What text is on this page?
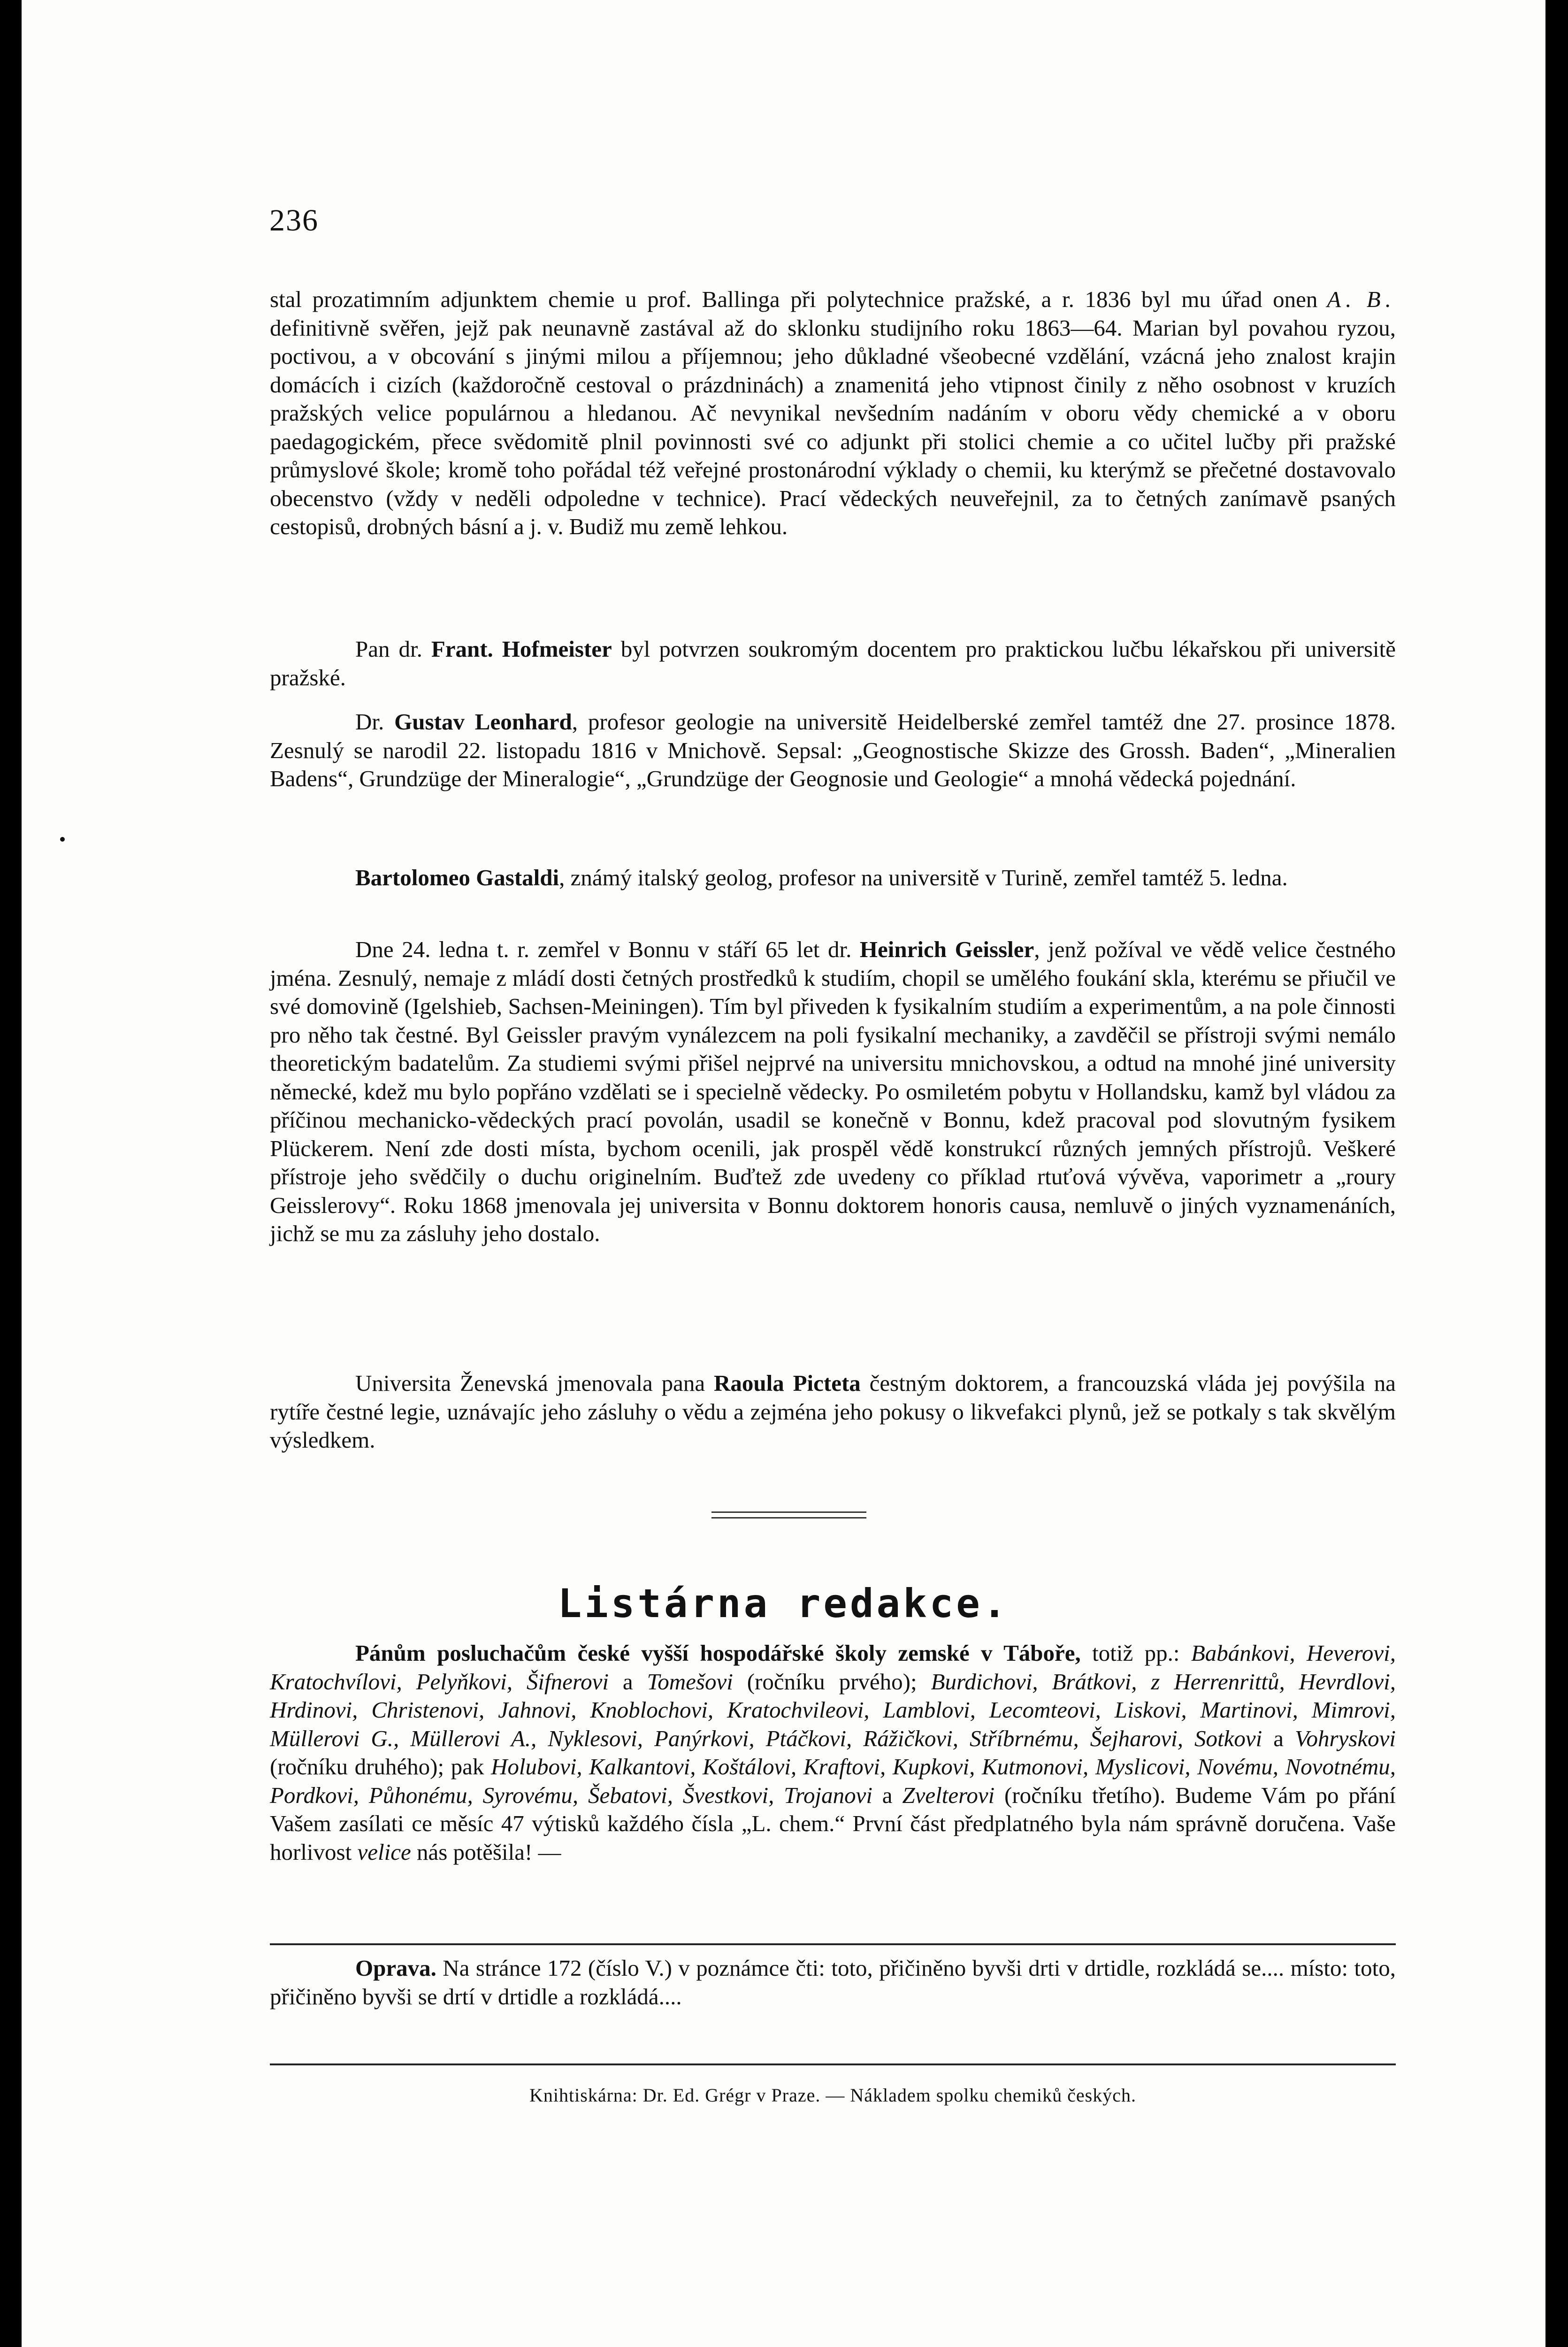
236

A. B.
stal prozatimním adjunktem chemie u prof. Ballinga při polytechnice pražské, a r. 1836 byl mu úřad onen definitivně svěřen, jejž pak neunavně zastával až do sklonku studijního roku 1863—64. Marian byl povahou ryzou, poctivou, a v obcování s jinými milou a příjemnou; jeho důkladné všeobecné vzdělání, vzácná jeho znalost krajin domácích i cizích (každoročně cestoval o prázdninách) a znamenitá jeho vtipnost činily z něho osobnost v kruzích pražských velice populárnou a hledanou. Ač nevynikal nevšedním nadáním v oboru vědy chemické a v oboru paedagogickém, přece svědomitě plnil povinnosti své co adjunkt při stolici chemie a co učitel lučby při pražské průmyslové škole; kromě toho pořádal též veřejné prostonárodní výklady o chemii, ku kterýmž se přečetné dostavovalo obecenstvo (vždy v neděli odpoledne v technice). Prací vědeckých neuveřejnil, za to četných zanímavě psaných cestopisů, drobných básní a j. v. Budiž mu země lehkou.

Pan dr. Frant. Hofmeister byl potvrzen soukromým docentem pro praktickou lučbu lékařskou při universitě pražské.

Dr. Gustav Leonhard, profesor geologie na universitě Heidelberské zemřel tamtéž dne 27. prosince 1878. Zesnulý se narodil 22. listopadu 1816 v Mnichově. Sepsal: „Geognostische Skizze des Grossh. Baden“, „Mineralien Badens“, Grundzüge der Mineralogie“, „Grundzüge der Geognosie und Geologie“ a mnohá vědecká pojednání.

Bartolomeo Gastaldi, známý italský geolog, profesor na universitě v Turině, zemřel tamtéž 5. ledna.

Dne 24. ledna t. r. zemřel v Bonnu v stáří 65 let dr. Heinrich Geissler, jenž požíval ve vědě velice čestného jména. Zesnulý, nemaje z mládí dosti četných prostředků k studiím, chopil se umělého foukání skla, kterému se přiučil ve své domovině (Igelshieb, Sachsen-Meiningen). Tím byl přiveden k fysikalním studiím a experimentům, a na pole činnosti pro něho tak čestné. Byl Geissler pravým vynálezcem na poli fysikalní mechaniky, a zavděčil se přístroji svými nemálo theoretickým badatelům. Za studiemi svými přišel nejprvé na universitu mnichovskou, a odtud na mnohé jiné university německé, kdež mu bylo popřáno vzdělati se i specielně vědecky. Po osmiletém pobytu v Hollandsku, kamž byl vládou za příčinou mechanicko-vědeckých prací povolán, usadil se konečně v Bonnu, kdež pracoval pod slovutným fysikem Plückerem. Není zde dosti místa, bychom ocenili, jak prospěl vědě konstrukcí různých jemných přístrojů. Veškeré přístroje jeho svědčily o duchu originelním. Buďtež zde uvedeny co příklad rtuťová vývěva, vaporimetr a „roury Geisslerovy“. Roku 1868 jmenovala jej universita v Bonnu doktorem honoris causa, nemluvě o jiných vyznamenáních, jichž se mu za zásluhy jeho dostalo.

Universita Ženevská jmenovala pana Raoula Picteta čestným doktorem, a francouzská vláda jej povýšila na rytíře čestné legie, uznávajíc jeho zásluhy o vědu a zejména jeho pokusy o likvefakci plynů, jež se potkaly s tak skvělým výsledkem.

Listárna redakce.

Pánům posluchačům české vyšší hospodářské školy zemské v Táboře, totiž pp.: Babánkovi, Heverovi, Kratochvílovi, Pelyňkovi, Šifnerovi a Tomešovi (ročníku prvého); Burdichovi, Brátkovi, z Herrenrittů, Hevrdlovi, Hrdinovi, Christenovi, Jahnovi, Knoblochovi, Kratochvileovi, Lamblovi, Lecomteovi, Liskovi, Martinovi, Mimrovi, Müllerovi G., Müllerovi A., Nyklesovi, Panýrkovi, Ptáčkovi, Rážičkovi, Stříbrnému, Šejharovi, Sotkovi a Vohryskovi (ročníku druhého); pak Holubovi, Kalkantovi, Koštálovi, Kraftovi, Kupkovi, Kutmonovi, Myslicovi, Novému, Novotnému, Pordkovi, Půhonému, Syrovému, Šebatovi, Švestkovi, Trojanovi a Zvelterovi (ročníku třetího). Budeme Vám po přání Vašem zasílati ce měsíc 47 výtisků každého čísla „L. chem.“ První část předplatného byla nám správně doručena. Vaše horlivost velice nás potěšila! —

Oprava. Na stránce 172 (číslo V.) v poznámce čti: toto, přičiněno byvši drti v drtidle, rozkládá se.... místo: toto, přičiněno byvši se drtí v drtidle a rozkládá....

Knihtiskárna: Dr. Ed. Grégr v Praze. — Nákladem spolku chemiků českých.
